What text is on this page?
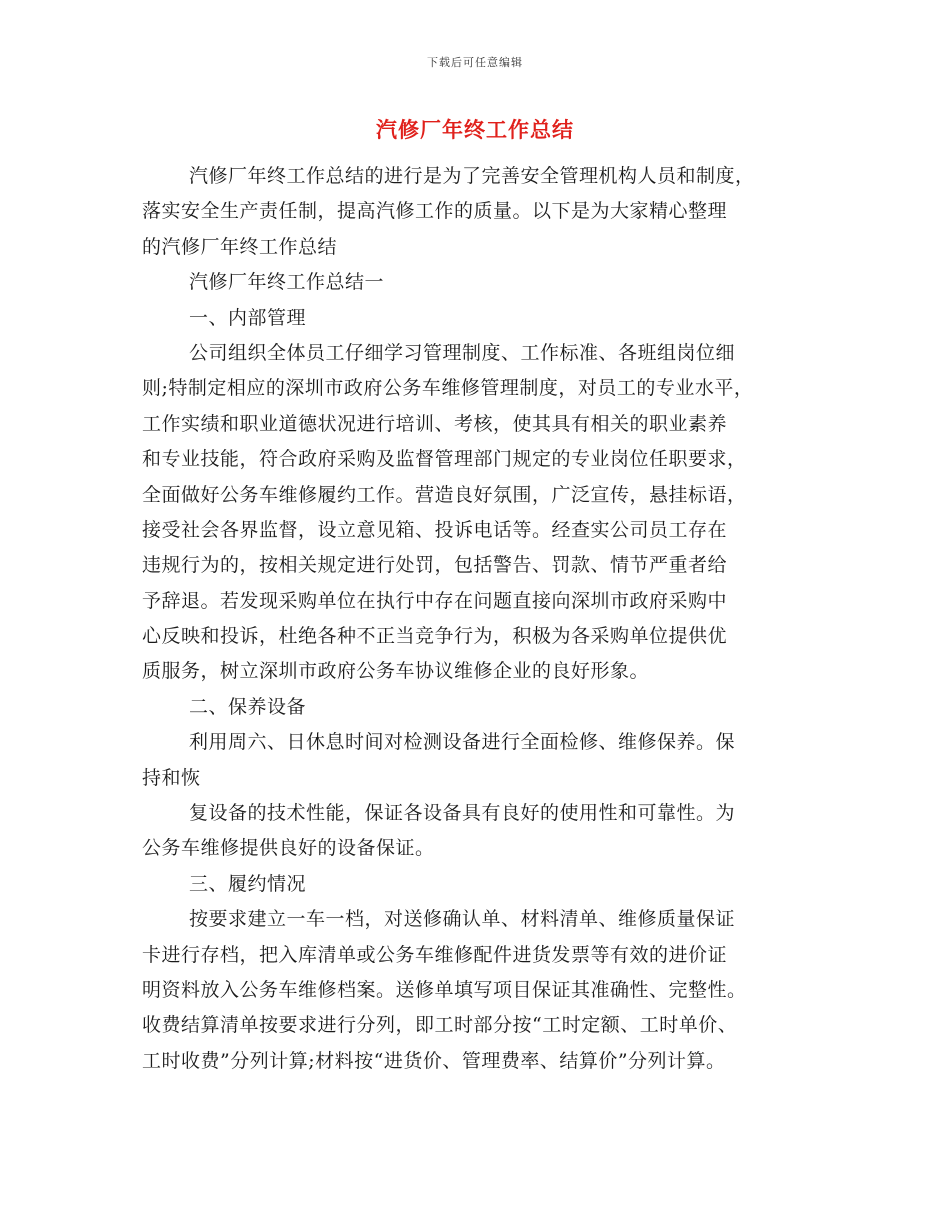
下载后可任意编辑
汽修厂年终工作总结
汽修厂年终工作总结的进行是为了完善安全管理机构人员和制度，
落实安全生产责任制，提高汽修工作的质量。以下是为大家精心整理
的汽修厂年终工作总结
汽修厂年终工作总结一
一、内部管理
公司组织全体员工仔细学习管理制度、工作标准、各班组岗位细
则;特制定相应的深圳市政府公务车维修管理制度，对员工的专业水平，
工作实绩和职业道德状况进行培训、考核，使其具有相关的职业素养
和专业技能，符合政府采购及监督管理部门规定的专业岗位任职要求，
全面做好公务车维修履约工作。营造良好氛围，广泛宣传，悬挂标语，
接受社会各界监督，设立意见箱、投诉电话等。经查实公司员工存在
违规行为的，按相关规定进行处罚，包括警告、罚款、情节严重者给
予辞退。若发现采购单位在执行中存在问题直接向深圳市政府采购中
心反映和投诉，杜绝各种不正当竞争行为，积极为各采购单位提供优
质服务，树立深圳市政府公务车协议维修企业的良好形象。
二、保养设备
利用周六、日休息时间对检测设备进行全面检修、维修保养。保
持和恢
复设备的技术性能，保证各设备具有良好的使用性和可靠性。为
公务车维修提供良好的设备保证。
三、履约情况
按要求建立一车一档，对送修确认单、材料清单、维修质量保证
卡进行存档，把入库清单或公务车维修配件进货发票等有效的进价证
明资料放入公务车维修档案。送修单填写项目保证其准确性、完整性。
收费结算清单按要求进行分列，即工时部分按“工时定额、工时单价、
工时收费”分列计算;材料按“进货价、管理费率、结算价”分列计算。
